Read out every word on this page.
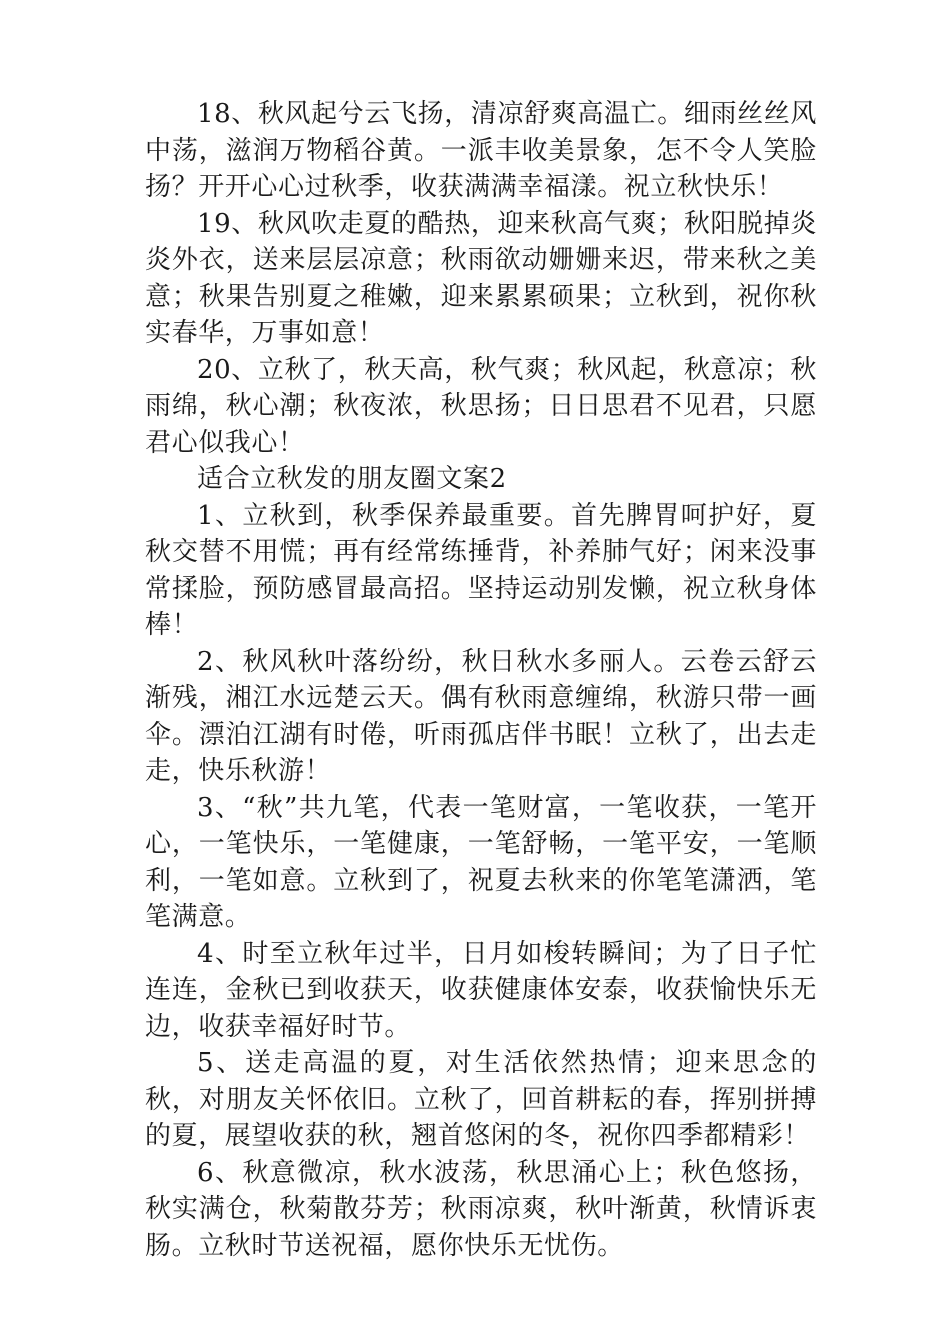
18、秋风起兮云飞扬，清凉舒爽高温亡。细雨丝丝风中荡，滋润万物稻谷黄。一派丰收美景象，怎不令人笑脸扬？开开心心过秋季，收获满满幸福漾。祝立秋快乐！

19、秋风吹走夏的酷热，迎来秋高气爽；秋阳脱掉炎炎外衣，送来层层凉意；秋雨欲动姗姗来迟，带来秋之美意；秋果告别夏之稚嫩，迎来累累硕果；立秋到，祝你秋实春华，万事如意！

20、立秋了，秋天高，秋气爽；秋风起，秋意凉；秋雨绵，秋心潮；秋夜浓，秋思扬；日日思君不见君，只愿君心似我心！

适合立秋发的朋友圈文案2

1、立秋到，秋季保养最重要。首先脾胃呵护好，夏秋交替不用慌；再有经常练捶背，补养肺气好；闲来没事常揉脸，预防感冒最高招。坚持运动别发懒，祝立秋身体棒！

2、秋风秋叶落纷纷，秋日秋水多丽人。云卷云舒云渐残，湘江水远楚云天。偶有秋雨意缠绵，秋游只带一画伞。漂泊江湖有时倦，听雨孤店伴书眠！立秋了，出去走走，快乐秋游！

3、“秋”共九笔，代表一笔财富，一笔收获，一笔开心，一笔快乐，一笔健康，一笔舒畅，一笔平安，一笔顺利，一笔如意。立秋到了，祝夏去秋来的你笔笔潇洒，笔笔满意。

4、时至立秋年过半，日月如梭转瞬间；为了日子忙连连，金秋已到收获天，收获健康体安泰，收获愉快乐无边，收获幸福好时节。

5、送走高温的夏，对生活依然热情；迎来思念的秋，对朋友关怀依旧。立秋了，回首耕耘的春，挥别拼搏的夏，展望收获的秋，翘首悠闲的冬，祝你四季都精彩！

6、秋意微凉，秋水波荡，秋思涌心上；秋色悠扬，秋实满仓，秋菊散芬芳；秋雨凉爽，秋叶渐黄，秋情诉衷肠。立秋时节送祝福，愿你快乐无忧伤。
